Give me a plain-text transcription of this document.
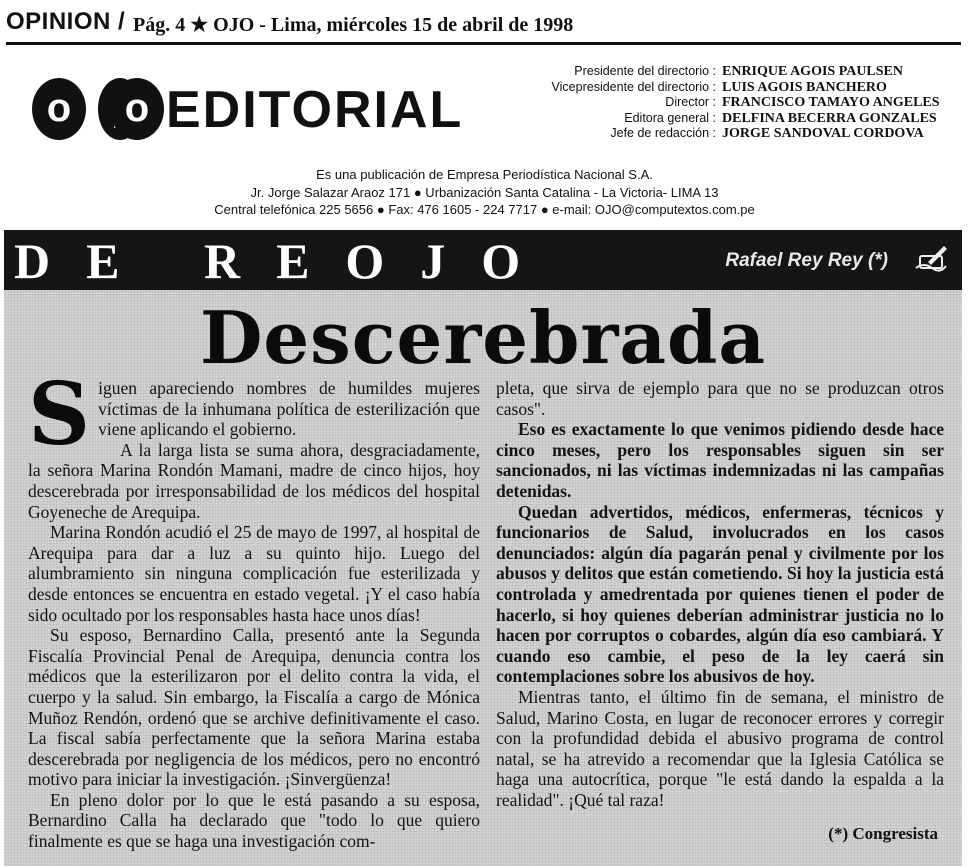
OPINION / Pág. 4 ★ OJO - Lima, miércoles 15 de abril de 1998
o	o EDITORIAL
Presidente del directorio : ENRIQUE AGOIS PAULSEN
Vicepresidente del directorio : LUIS AGOIS BANCHERO
Director : FRANCISCO TAMAYO ANGELES
Editora general : DELFINA BECERRA GONZALES
Jefe de redacción : JORGE SANDOVAL CORDOVA
Es una publicación de Empresa Periodística Nacional S.A.
Jr. Jorge Salazar Araoz 171 ● Urbanización Santa Catalina - La Victoria- LIMA 13
Central telefónica 225 5656 ● Fax: 476 1605 - 224 7717 ● e-mail: OJO@computextos.com.pe
DE REOJO	Rafael Rey Rey (*)
Descerebrada

Siguen apareciendo nombres de humildes mujeres víctimas de la inhumana política de esterilización que viene aplicando el gobierno.

A la larga lista se suma ahora, desgraciadamente, la señora Marina Rondón Mamani, madre de cinco hijos, hoy descerebrada por irresponsabilidad de los médicos del hospital Goyeneche de Arequipa.

Marina Rondón acudió el 25 de mayo de 1997, al hospital de Arequipa para dar a luz a su quinto hijo. Luego del alumbramiento sin ninguna complicación fue esterilizada y desde entonces se encuentra en estado vegetal. ¡Y el caso había sido ocultado por los responsables hasta hace unos días!

Su esposo, Bernardino Calla, presentó ante la Segunda Fiscalía Provincial Penal de Arequipa, denuncia contra los médicos que la esterilizaron por el delito contra la vida, el cuerpo y la salud. Sin embargo, la Fiscalía a cargo de Mónica Muñoz Rendón, ordenó que se archive definitivamente el caso. La fiscal sabía perfectamente que la señora Marina estaba descerebrada por negligencia de los médicos, pero no encontró motivo para iniciar la investigación. ¡Sinvergüenza!

En pleno dolor por lo que le está pasando a su esposa, Bernardino Calla ha declarado que "todo lo que quiero finalmente es que se haga una investigación com-

pleta, que sirva de ejemplo para que no se produzcan otros casos".

Eso es exactamente lo que venimos pidiendo desde hace cinco meses, pero los responsables siguen sin ser sancionados, ni las víctimas indemnizadas ni las campañas detenidas.

Quedan advertidos, médicos, enfermeras, técnicos y funcionarios de Salud, involucrados en los casos denunciados: algún día pagarán penal y civilmente por los abusos y delitos que están cometiendo. Si hoy la justicia está controlada y amedrentada por quienes tienen el poder de hacerlo, si hoy quienes deberían administrar justicia no lo hacen por corruptos o cobardes, algún día eso cambiará. Y cuando eso cambie, el peso de la ley caerá sin contemplaciones sobre los abusivos de hoy.

Mientras tanto, el último fin de semana, el ministro de Salud, Marino Costa, en lugar de reconocer errores y corregir con la profundidad debida el abusivo programa de control natal, se ha atrevido a recomendar que la Iglesia Católica se haga una autocrítica, porque "le está dando la espalda a la realidad". ¡Qué tal raza!

(*) Congresista
